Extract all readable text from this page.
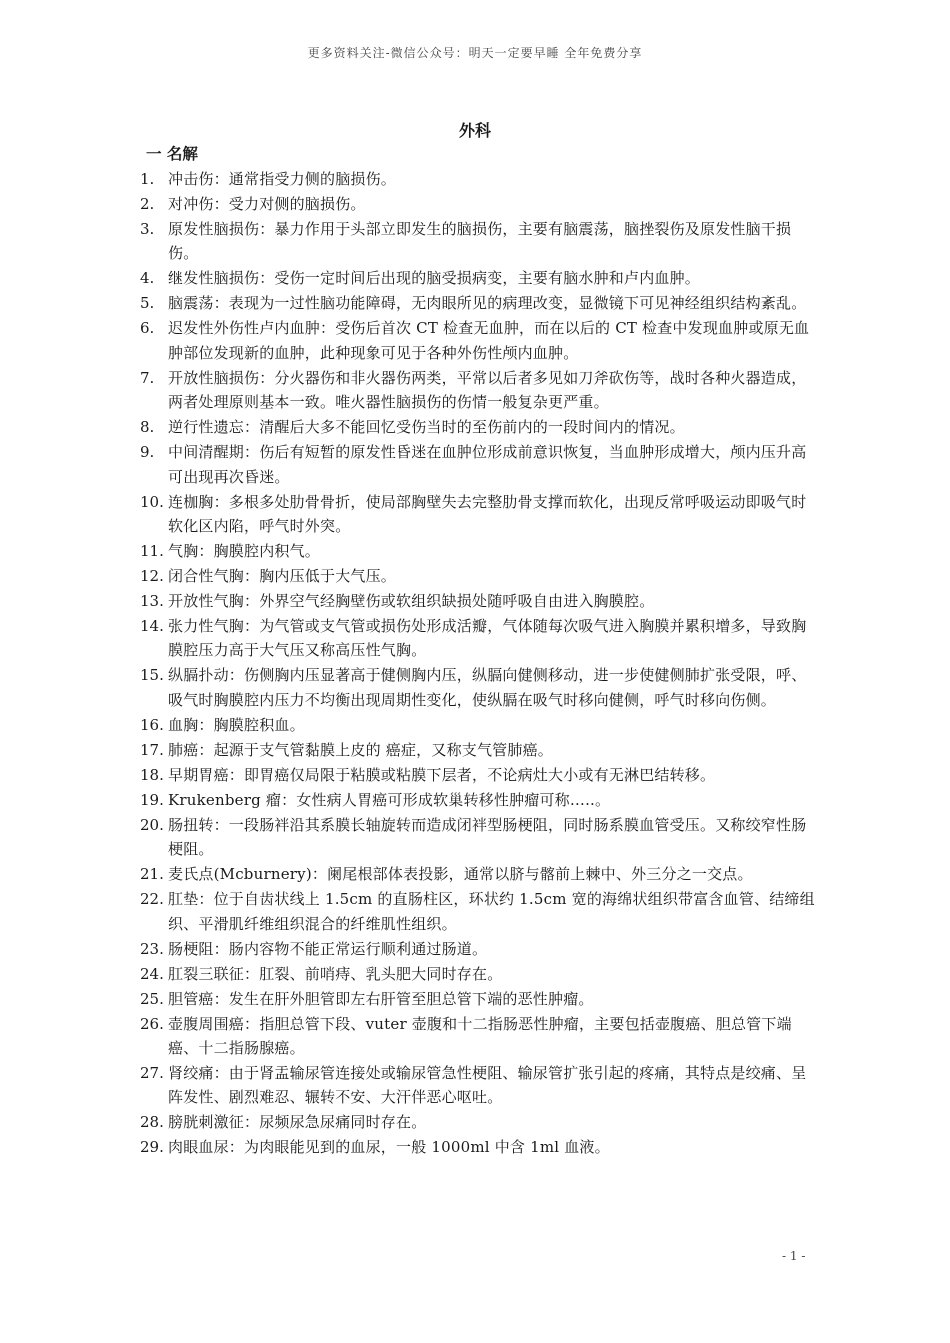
更多资料关注-微信公众号：明天一定要早睡 全年免费分享
外科
一 名解
1. 冲击伤：通常指受力侧的脑损伤。
2. 对冲伤：受力对侧的脑损伤。
3. 原发性脑损伤：暴力作用于头部立即发生的脑损伤，主要有脑震荡，脑挫裂伤及原发性脑干损伤。
4. 继发性脑损伤：受伤一定时间后出现的脑受损病变，主要有脑水肿和卢内血肿。
5. 脑震荡：表现为一过性脑功能障碍，无肉眼所见的病理改变，显微镜下可见神经组织结构紊乱。
6. 迟发性外伤性卢内血肿：受伤后首次 CT 检查无血肿，而在以后的 CT 检查中发现血肿或原无血肿部位发现新的血肿，此种现象可见于各种外伤性颅内血肿。
7. 开放性脑损伤：分火器伤和非火器伤两类，平常以后者多见如刀斧砍伤等，战时各种火器造成，两者处理原则基本一致。唯火器性脑损伤的伤情一般复杂更严重。
8. 逆行性遗忘：清醒后大多不能回忆受伤当时的至伤前内的一段时间内的情况。
9. 中间清醒期：伤后有短暂的原发性昏迷在血肿位形成前意识恢复，当血肿形成增大，颅内压升高可出现再次昏迷。
10. 连枷胸：多根多处肋骨骨折，使局部胸壁失去完整肋骨支撑而软化，出现反常呼吸运动即吸气时软化区内陷，呼气时外突。
11. 气胸：胸膜腔内积气。
12. 闭合性气胸：胸内压低于大气压。
13. 开放性气胸：外界空气经胸壁伤或软组织缺损处随呼吸自由进入胸膜腔。
14. 张力性气胸：为气管或支气管或损伤处形成活瓣，气体随每次吸气进入胸膜并累积增多，导致胸膜腔压力高于大气压又称高压性气胸。
15. 纵膈扑动：伤侧胸内压显著高于健侧胸内压，纵膈向健侧移动，进一步使健侧肺扩张受限，呼、吸气时胸膜腔内压力不均衡出现周期性变化，使纵膈在吸气时移向健侧，呼气时移向伤侧。
16. 血胸：胸膜腔积血。
17. 肺癌：起源于支气管黏膜上皮的 癌症，又称支气管肺癌。
18. 早期胃癌：即胃癌仅局限于粘膜或粘膜下层者，不论病灶大小或有无淋巴结转移。
19. Krukenberg 瘤：女性病人胃癌可形成软巢转移性肿瘤可称…..。
20. 肠扭转：一段肠袢沿其系膜长轴旋转而造成闭袢型肠梗阻，同时肠系膜血管受压。又称绞窄性肠梗阻。
21. 麦氏点(Mcburnery)：阑尾根部体表投影，通常以脐与髂前上棘中、外三分之一交点。
22. 肛垫：位于自齿状线上 1.5cm 的直肠柱区，环状约 1.5cm 宽的海绵状组织带富含血管、结缔组织、平滑肌纤维组织混合的纤维肌性组织。
23. 肠梗阻：肠内容物不能正常运行顺利通过肠道。
24. 肛裂三联征：肛裂、前哨痔、乳头肥大同时存在。
25. 胆管癌：发生在肝外胆管即左右肝管至胆总管下端的恶性肿瘤。
26. 壶腹周围癌：指胆总管下段、vuter 壶腹和十二指肠恶性肿瘤，主要包括壶腹癌、胆总管下端癌、十二指肠腺癌。
27. 肾绞痛：由于肾盂输尿管连接处或输尿管急性梗阻、输尿管扩张引起的疼痛，其特点是绞痛、呈阵发性、剧烈难忍、辗转不安、大汗伴恶心呕吐。
28. 膀胱刺激征：尿频尿急尿痛同时存在。
29. 肉眼血尿：为肉眼能见到的血尿，一般 1000ml 中含 1ml 血液。
- 1 -
